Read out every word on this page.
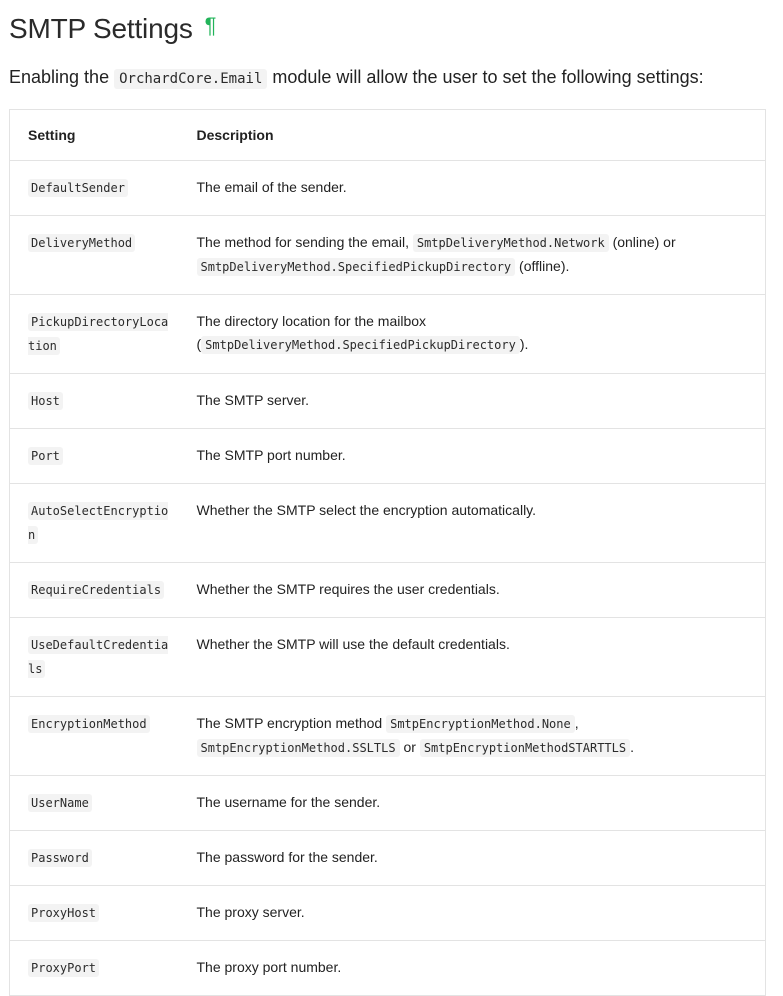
SMTP Settings ¶

Enabling the OrchardCore.Email module will allow the user to set the following settings:

Setting	Description
DefaultSender	The email of the sender.
DeliveryMethod	The method for sending the email, SmtpDeliveryMethod.Network (online) or SmtpDeliveryMethod.SpecifiedPickupDirectory (offline).
PickupDirectoryLocation	The directory location for the mailbox ( SmtpDeliveryMethod.SpecifiedPickupDirectory ).
Host	The SMTP server.
Port	The SMTP port number.
AutoSelectEncryption	Whether the SMTP select the encryption automatically.
RequireCredentials	Whether the SMTP requires the user credentials.
UseDefaultCredentials	Whether the SMTP will use the default credentials.
EncryptionMethod	The SMTP encryption method SmtpEncryptionMethod.None , SmtpEncryptionMethod.SSLTLS or SmtpEncryptionMethodSTARTTLS .
UserName	The username for the sender.
Password	The password for the sender.
ProxyHost	The proxy server.
ProxyPort	The proxy port number.
